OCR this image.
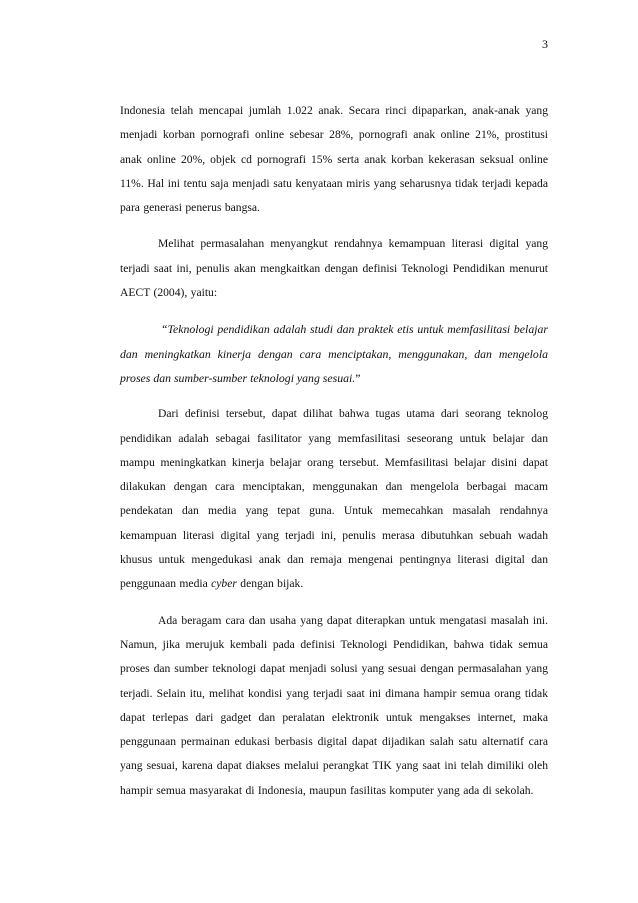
3

Indonesia telah mencapai jumlah 1.022 anak. Secara rinci dipaparkan, anak-anak yang menjadi korban pornografi online sebesar 28%, pornografi anak online 21%, prostitusi anak online 20%, objek cd pornografi 15% serta anak korban kekerasan seksual online 11%. Hal ini tentu saja menjadi satu kenyataan miris yang seharusnya tidak terjadi kepada para generasi penerus bangsa.

Melihat permasalahan menyangkut rendahnya kemampuan literasi digital yang terjadi saat ini, penulis akan mengkaitkan dengan definisi Teknologi Pendidikan menurut AECT (2004), yaitu:

“Teknologi pendidikan adalah studi dan praktek etis untuk memfasilitasi belajar dan meningkatkan kinerja dengan cara menciptakan, menggunakan, dan mengelola proses dan sumber-sumber teknologi yang sesuai.”

Dari definisi tersebut, dapat dilihat bahwa tugas utama dari seorang teknolog pendidikan adalah sebagai fasilitator yang memfasilitasi seseorang untuk belajar dan mampu meningkatkan kinerja belajar orang tersebut. Memfasilitasi belajar disini dapat dilakukan dengan cara menciptakan, menggunakan dan mengelola berbagai macam pendekatan dan media yang tepat guna. Untuk memecahkan masalah rendahnya kemampuan literasi digital yang terjadi ini, penulis merasa dibutuhkan sebuah wadah khusus untuk mengedukasi anak dan remaja mengenai pentingnya literasi digital dan penggunaan media cyber dengan bijak.

Ada beragam cara dan usaha yang dapat diterapkan untuk mengatasi masalah ini. Namun, jika merujuk kembali pada definisi Teknologi Pendidikan, bahwa tidak semua proses dan sumber teknologi dapat menjadi solusi yang sesuai dengan permasalahan yang terjadi. Selain itu, melihat kondisi yang terjadi saat ini dimana hampir semua orang tidak dapat terlepas dari gadget dan peralatan elektronik untuk mengakses internet, maka penggunaan permainan edukasi berbasis digital dapat dijadikan salah satu alternatif cara yang sesuai, karena dapat diakses melalui perangkat TIK yang saat ini telah dimiliki oleh hampir semua masyarakat di Indonesia, maupun fasilitas komputer yang ada di sekolah.
